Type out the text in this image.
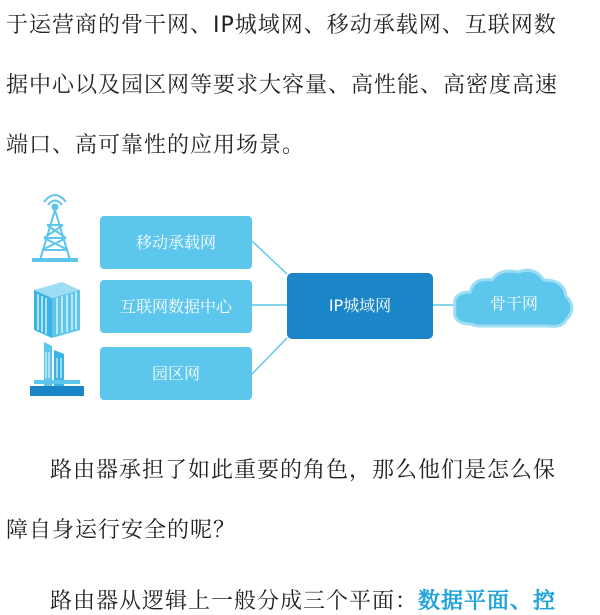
于运营商的骨干网、IP城域网、移动承载网、互联网数
据中心以及园区网等要求大容量、高性能、高密度高速
端口、高可靠性的应用场景。
移动承载网
互联网数据中心
园区网
IP城域网	骨干网
路由器承担了如此重要的角色，那么他们是怎么保
障自身运行安全的呢？
路由器从逻辑上一般分成三个平面：数据平面、控
